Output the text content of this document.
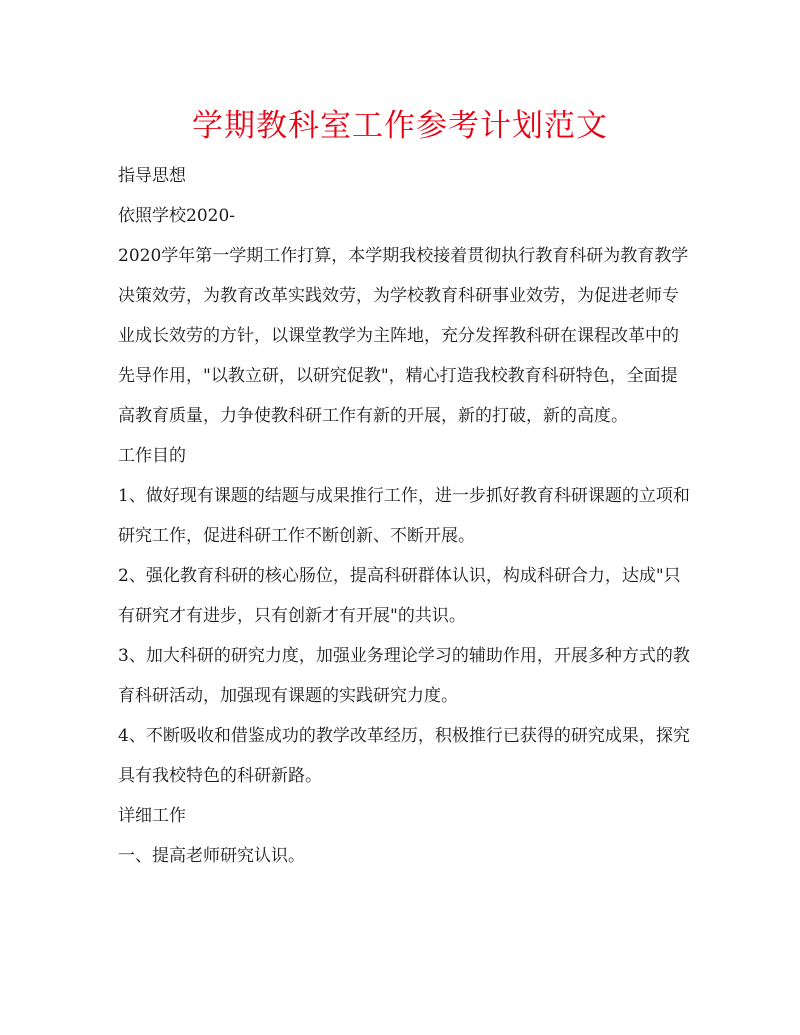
学期教科室工作参考计划范文

指导思想

依照学校2020-

2020学年第一学期工作打算，本学期我校接着贯彻执行教育科研为教育教学决策效劳，为教育改革实践效劳，为学校教育科研事业效劳，为促进老师专业成长效劳的方针，以课堂教学为主阵地，充分发挥教科研在课程改革中的先导作用，"以教立研，以研究促教"，精心打造我校教育科研特色，全面提高教育质量，力争使教科研工作有新的开展，新的打破，新的高度。

工作目的

1、做好现有课题的结题与成果推行工作，进一步抓好教育科研课题的立项和研究工作，促进科研工作不断创新、不断开展。

2、强化教育科研的核心肠位，提高科研群体认识，构成科研合力，达成"只有研究才有进步，只有创新才有开展"的共识。

3、加大科研的研究力度，加强业务理论学习的辅助作用，开展多种方式的教育科研活动，加强现有课题的实践研究力度。

4、不断吸收和借鉴成功的教学改革经历，积极推行已获得的研究成果，探究具有我校特色的科研新路。

详细工作

一、提高老师研究认识。
